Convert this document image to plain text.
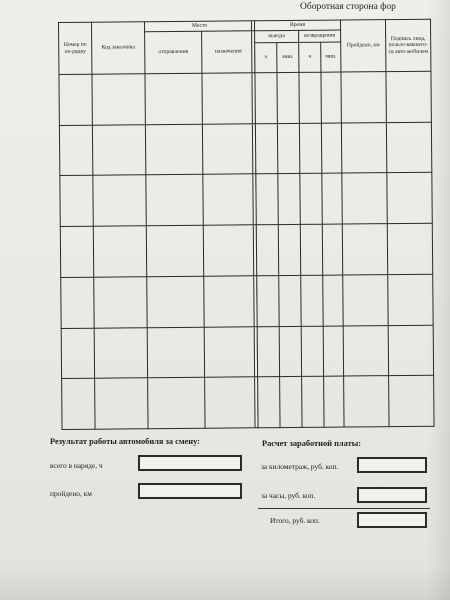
Оборотная сторона фор
Номер по по-рядку	Код заказчика	Место		Время				Пройдено, км	Подпись лица, пользо-вавшего-ся авто-мобилем
		отправления	назначения	выезда		возвращения			
				ч	мин.	ч	мин.		

Результат работы автомобиля за смену:
всего в наряде, ч
пройдено, км
Расчет заработной платы:
за километраж, руб. коп.
за часы, руб. коп.
Итого, руб. коп.
